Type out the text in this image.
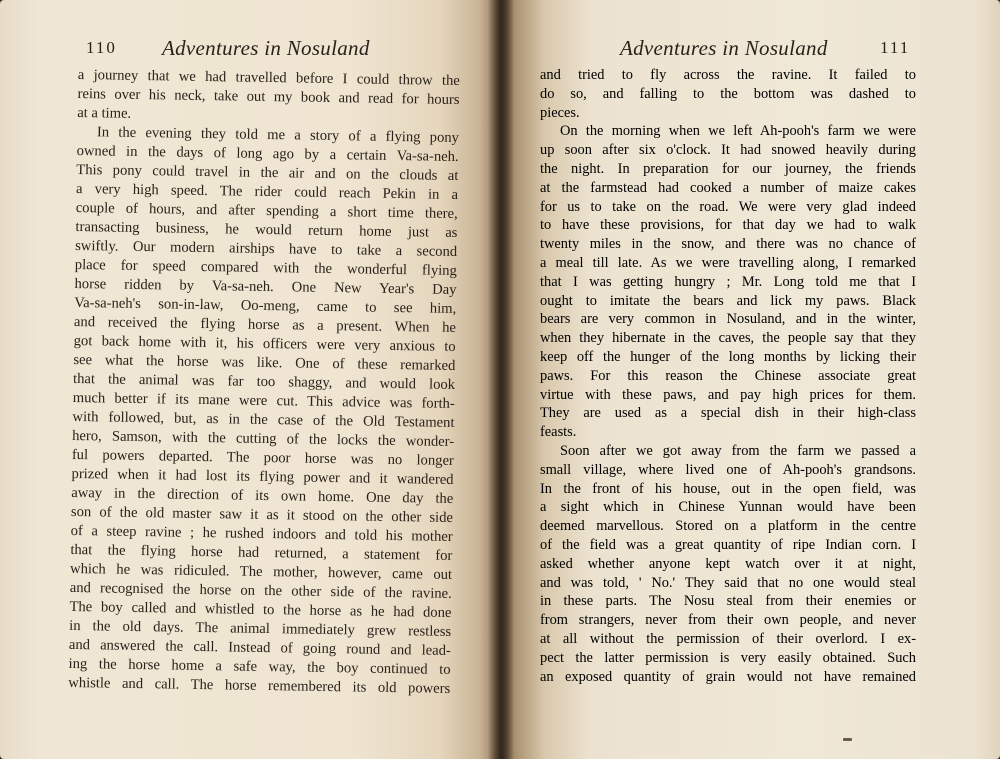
110 Adventures in Nosuland
a journey that we had travelled before I could throw the
reins over his neck, take out my book and read for hours
at a time.
In the evening they told me a story of a flying pony
owned in the days of long ago by a certain Va-sa-neh.
This pony could travel in the air and on the clouds at
a very high speed. The rider could reach Pekin in a
couple of hours, and after spending a short time there,
transacting business, he would return home just as
swiftly. Our modern airships have to take a second
place for speed compared with the wonderful flying
horse ridden by Va-sa-neh. One New Year's Day
Va-sa-neh's son-in-law, Oo-meng, came to see him,
and received the flying horse as a present. When he
got back home with it, his officers were very anxious to
see what the horse was like. One of these remarked
that the animal was far too shaggy, and would look
much better if its mane were cut. This advice was forth-
with followed, but, as in the case of the Old Testament
hero, Samson, with the cutting of the locks the wonder-
ful powers departed. The poor horse was no longer
prized when it had lost its flying power and it wandered
away in the direction of its own home. One day the
son of the old master saw it as it stood on the other side
of a steep ravine ; he rushed indoors and told his mother
that the flying horse had returned, a statement for
which he was ridiculed. The mother, however, came out
and recognised the horse on the other side of the ravine.
The boy called and whistled to the horse as he had done
in the old days. The animal immediately grew restless
and answered the call. Instead of going round and lead-
ing the horse home a safe way, the boy continued to
whistle and call. The horse remembered its old powers
Adventures in Nosuland	111
and tried to fly across the ravine. It failed to
do so, and falling to the bottom was dashed to
pieces.
On the morning when we left Ah-pooh's farm we were
up soon after six o'clock. It had snowed heavily during
the night. In preparation for our journey, the friends
at the farmstead had cooked a number of maize cakes
for us to take on the road. We were very glad indeed
to have these provisions, for that day we had to walk
twenty miles in the snow, and there was no chance of
a meal till late. As we were travelling along, I remarked
that I was getting hungry ; Mr. Long told me that I
ought to imitate the bears and lick my paws. Black
bears are very common in Nosuland, and in the winter,
when they hibernate in the caves, the people say that they
keep off the hunger of the long months by licking their
paws. For this reason the Chinese associate great
virtue with these paws, and pay high prices for them.
They are used as a special dish in their high-class
feasts.
Soon after we got away from the farm we passed a
small village, where lived one of Ah-pooh's grandsons.
In the front of his house, out in the open field, was
a sight which in Chinese Yunnan would have been
deemed marvellous. Stored on a platform in the centre
of the field was a great quantity of ripe Indian corn. I
asked whether anyone kept watch over it at night,
and was told, ' No.' They said that no one would steal
in these parts. The Nosu steal from their enemies or
from strangers, never from their own people, and never
at all without the permission of their overlord. I ex-
pect the latter permission is very easily obtained. Such
an exposed quantity of grain would not have remained
